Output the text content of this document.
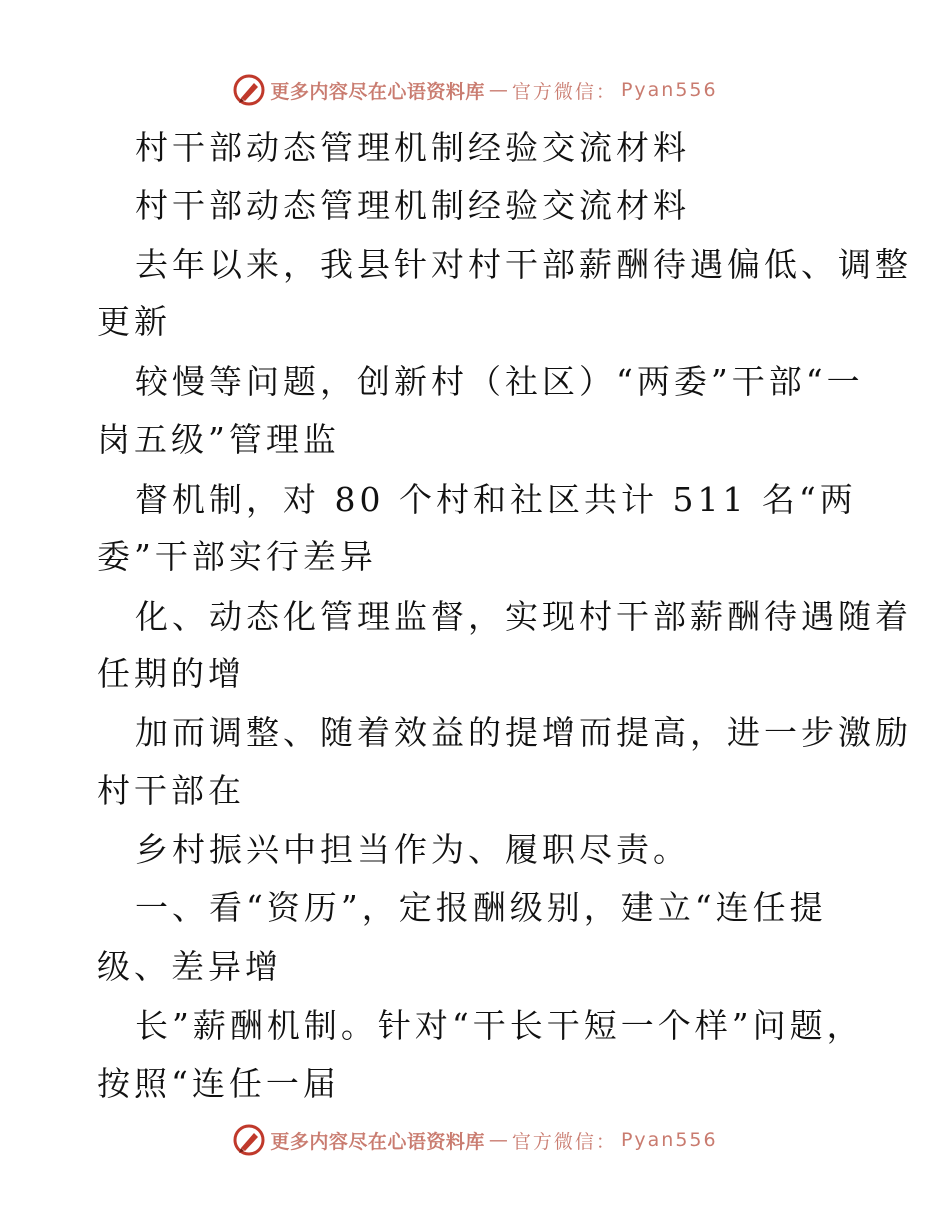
更多内容尽在心语资料库 — 官方微信： Pyan556
村干部动态管理机制经验交流材料
村干部动态管理机制经验交流材料
去年以来，我县针对村干部薪酬待遇偏低、调整
更新
较慢等问题，创新村（社区）“两委”干部“一
岗五级”管理监
督机制，对 80 个村和社区共计 511 名“两
委”干部实行差异
化、动态化管理监督，实现村干部薪酬待遇随着
任期的增
加而调整、随着效益的提增而提高，进一步激励
村干部在
乡村振兴中担当作为、履职尽责。
一、看“资历”，定报酬级别，建立“连任提
级、差异增
长”薪酬机制。针对“干长干短一个样”问题，
按照“连任一届
更多内容尽在心语资料库 — 官方微信： Pyan556
